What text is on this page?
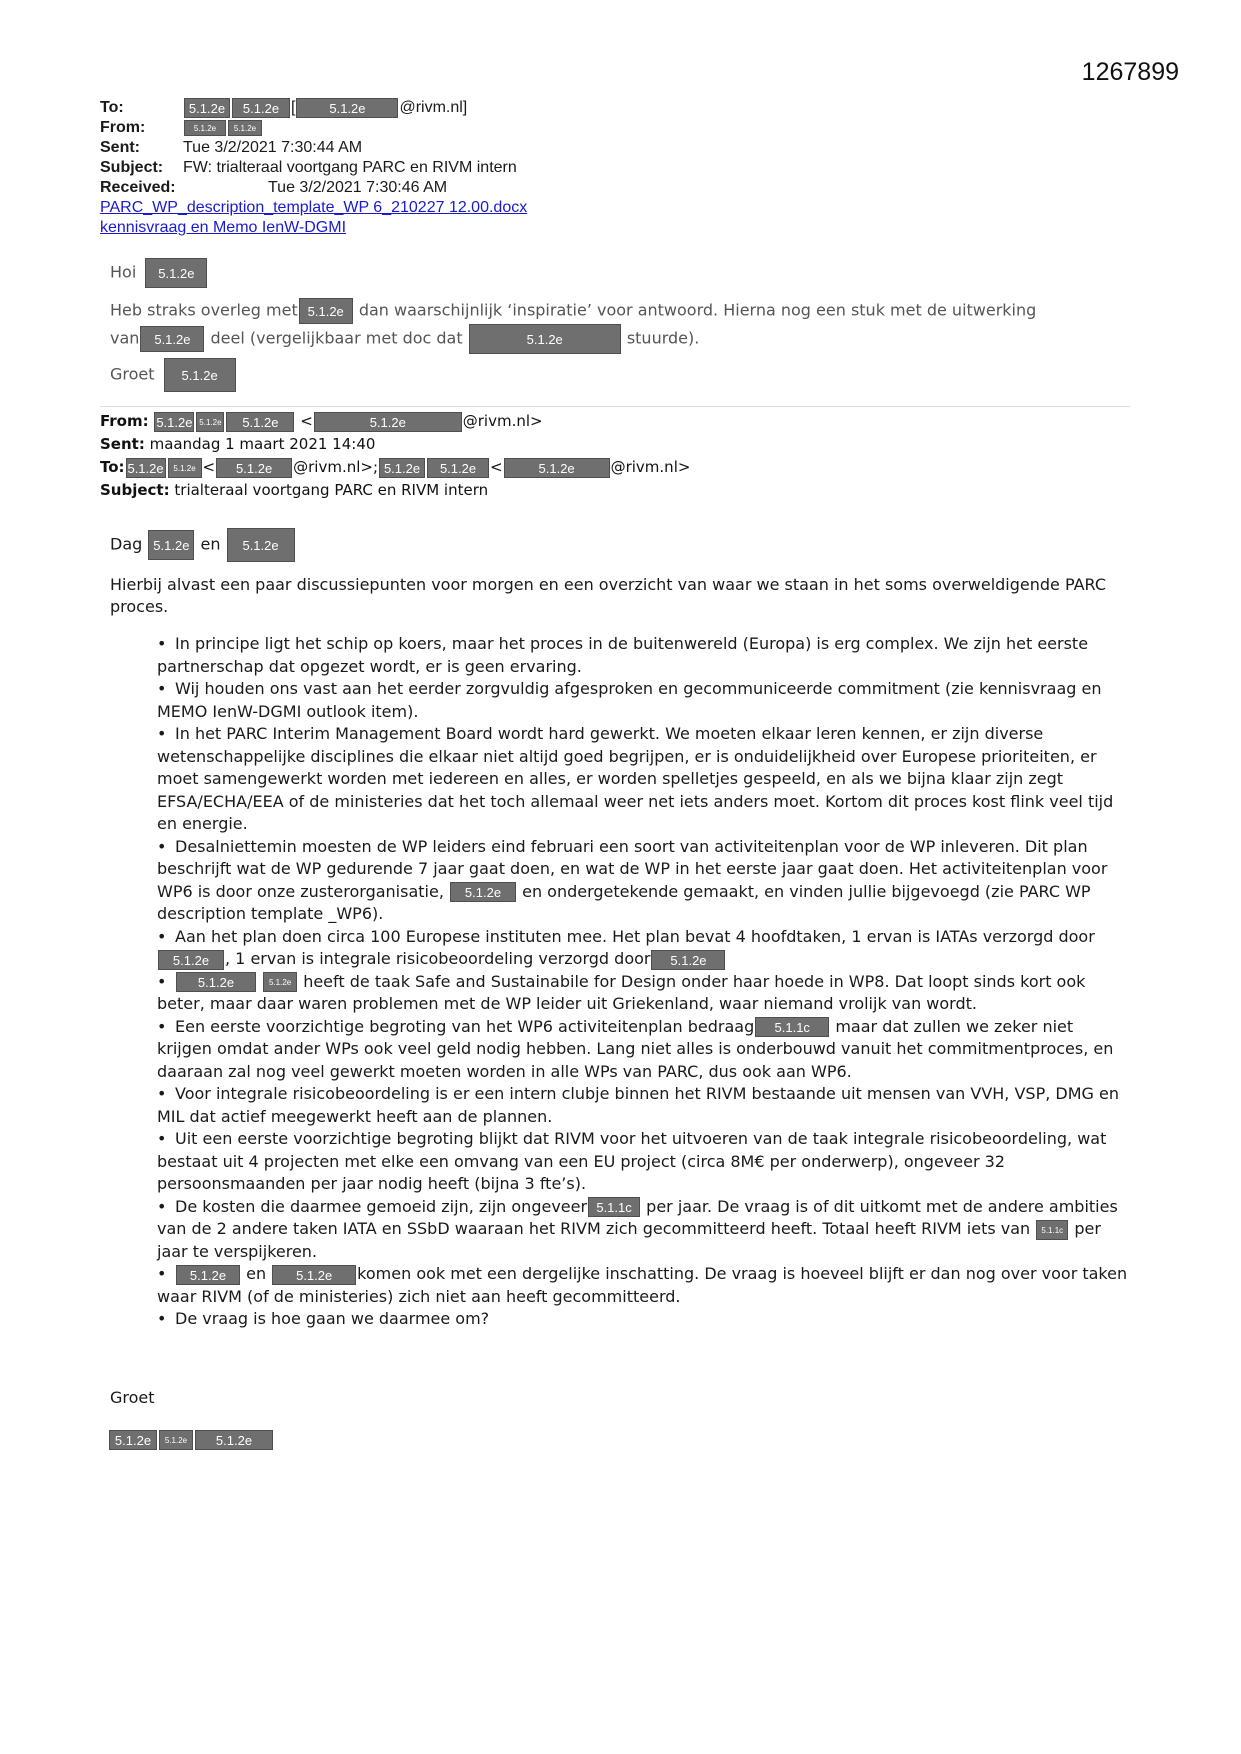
1267899
To:	5.1.2e 5.1.2e [	5.1.2e @rivm.nl]
From:	5.1.2e 5.1.2e
Sent:	Tue 3/2/2021 7:30:44 AM
Subject: FW: trialteraal voortgang PARC en RIVM intern
Received:	Tue 3/2/2021 7:30:46 AM
PARC_WP_description_template_WP 6_210227 12.00.docx
kennisvraag en Memo IenW-DGMI
Hoi 5.1.2e
Heb straks overleg met 5.1.2e dan waarschijnlijk ‘inspiratie’ voor antwoord. Hierna nog een stuk met de uitwerking
van 5.1.2e deel (vergelijkbaar met doc dat	5.1.2e	stuurde).
Groet 5.1.2e
From: 5.1.2e 5.1.2e 5.1.2e <	5.1.2e	@rivm.nl>
Sent: maandag 1 maart 2021 14:40
To: 5.1.2e 5.1.2e < 5.1.2e @rivm.nl>; 5.1.2e 5.1.2e <	5.1.2e @rivm.nl>
Subject: trialteraal voortgang PARC en RIVM intern
Dag 5.1.2e en 5.1.2e
Hierbij alvast een paar discussiepunten voor morgen en een overzicht van waar we staan in het soms overweldigende PARC proces.
• In principe ligt het schip op koers, maar het proces in de buitenwereld (Europa) is erg complex. We zijn het eerste partnerschap dat opgezet wordt, er is geen ervaring.
• Wij houden ons vast aan het eerder zorgvuldig afgesproken en gecommuniceerde commitment (zie kennisvraag en MEMO IenW-DGMI outlook item).
• In het PARC Interim Management Board wordt hard gewerkt. We moeten elkaar leren kennen, er zijn diverse wetenschappelijke disciplines die elkaar niet altijd goed begrijpen, er is onduidelijkheid over Europese prioriteiten, er moet samengewerkt worden met iedereen en alles, er worden spelletjes gespeeld, en als we bijna klaar zijn zegt EFSA/ECHA/EEA of de ministeries dat het toch allemaal weer net iets anders moet. Kortom dit proces kost flink veel tijd en energie.
• Desalniettemin moesten de WP leiders eind februari een soort van activiteitenplan voor de WP inleveren. Dit plan beschrijft wat de WP gedurende 7 jaar gaat doen, en wat de WP in het eerste jaar gaat doen. Het activiteitenplan voor WP6 is door onze zusterorganisatie, 5.1.2e en ondergetekende gemaakt, en vinden jullie bijgevoegd (zie PARC WP description template _WP6).
• Aan het plan doen circa 100 Europese instituten mee. Het plan bevat 4 hoofdtaken, 1 ervan is IATAs verzorgd door5.1.2e , 1 ervan is integrale risicobeoordeling verzorgd door 5.1.2e
• 5.1.2e	5.1.2e heeft de taak Safe and Sustainabile for Design onder haar hoede in WP8. Dat loopt sinds kort ook beter, maar daar waren problemen met de WP leider uit Griekenland, waar niemand vrolijk van wordt.
• Een eerste voorzichtige begroting van het WP6 activiteitenplan bedraag 5.1.1c maar dat zullen we zeker niet krijgen omdat ander WPs ook veel geld nodig hebben. Lang niet alles is onderbouwd vanuit het commitmentproces, en daaraan zal nog veel gewerkt moeten worden in alle WPs van PARC, dus ook aan WP6.
• Voor integrale risicobeoordeling is er een intern clubje binnen het RIVM bestaande uit mensen van VVH, VSP, DMG en MIL dat actief meegewerkt heeft aan de plannen.
• Uit een eerste voorzichtige begroting blijkt dat RIVM voor het uitvoeren van de taak integrale risicobeoordeling, wat bestaat uit 4 projecten met elke een omvang van een EU project (circa 8M€ per onderwerp), ongeveer 32 persoonsmaanden per jaar nodig heeft (bijna 3 fte’s).
• De kosten die daarmee gemoeid zijn, zijn ongeveer 5.1.1c per jaar. De vraag is of dit uitkomt met de andere ambities van de 2 andere taken IATA en SSbD waaraan het RIVM zich gecommitteerd heeft. Totaal heeft RIVM iets van 5.1.1c per jaar te verspijkeren.
• 5.1.2e en 5.1.2e komen ook met een dergelijke inschatting. De vraag is hoeveel blijft er dan nog over voor taken waar RIVM (of de ministeries) zich niet aan heeft gecommitteerd.
• De vraag is hoe gaan we daarmee om?
Groet
5.1.2e 5.1.2e 5.1.2e
